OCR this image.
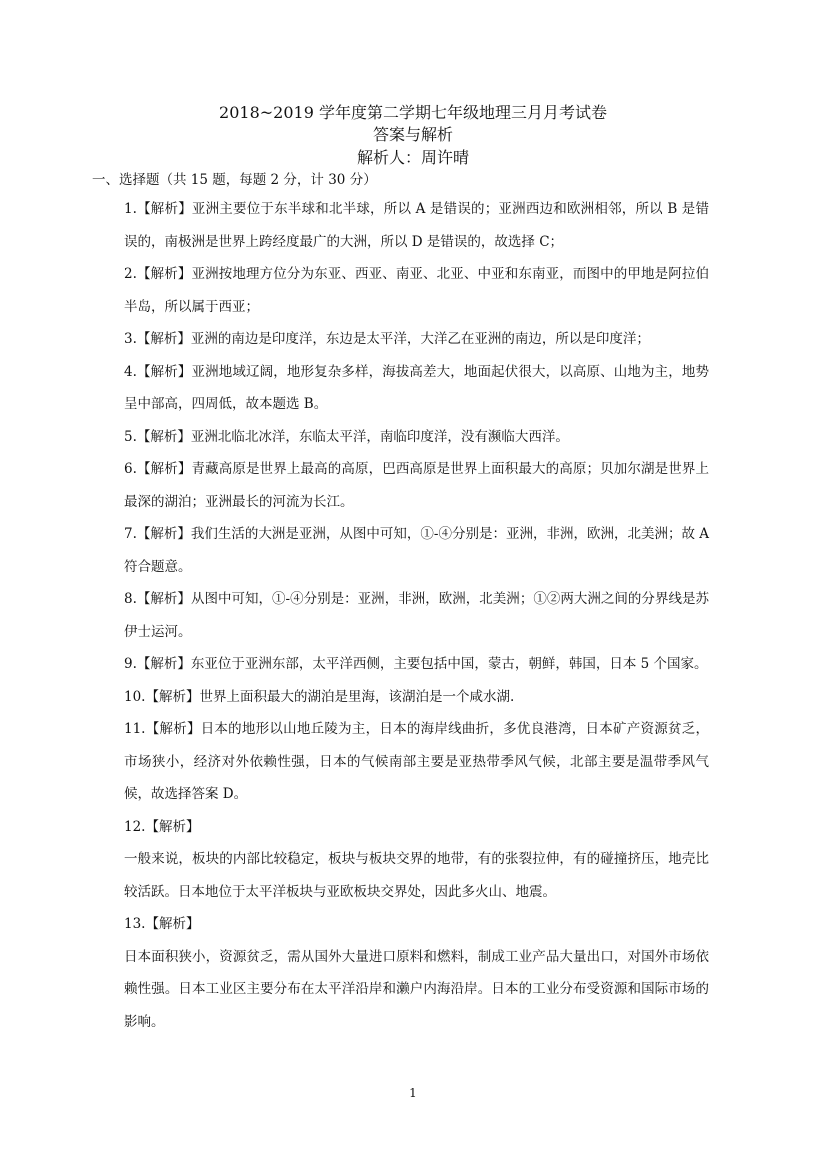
2018~2019 学年度第二学期七年级地理三月月考试卷
答案与解析
解析人：周许晴
一、选择题（共 15 题，每题 2 分，计 30 分）

1.【解析】亚洲主要位于东半球和北半球，所以 A 是错误的；亚洲西边和欧洲相邻，所以 B 是错误的，南极洲是世界上跨经度最广的大洲，所以 D 是错误的，故选择 C；

2.【解析】亚洲按地理方位分为东亚、西亚、南亚、北亚、中亚和东南亚，而图中的甲地是阿拉伯半岛，所以属于西亚；

3.【解析】亚洲的南边是印度洋，东边是太平洋，大洋乙在亚洲的南边，所以是印度洋；

4.【解析】亚洲地域辽阔，地形复杂多样，海拔高差大，地面起伏很大，以高原、山地为主，地势呈中部高，四周低，故本题选 B。

5.【解析】亚洲北临北冰洋，东临太平洋，南临印度洋，没有濒临大西洋。

6.【解析】青藏高原是世界上最高的高原，巴西高原是世界上面积最大的高原；贝加尔湖是世界上最深的湖泊；亚洲最长的河流为长江。

7.【解析】我们生活的大洲是亚洲，从图中可知，①-④分别是：亚洲，非洲，欧洲，北美洲；故 A 符合题意。

8.【解析】从图中可知，①-④分别是：亚洲，非洲，欧洲，北美洲；①②两大洲之间的分界线是苏伊士运河。

9.【解析】东亚位于亚洲东部，太平洋西侧，主要包括中国，蒙古，朝鲜，韩国，日本 5 个国家。

10.【解析】世界上面积最大的湖泊是里海，该湖泊是一个咸水湖.

11.【解析】日本的地形以山地丘陵为主，日本的海岸线曲折，多优良港湾，日本矿产资源贫乏，市场狭小，经济对外依赖性强，日本的气候南部主要是亚热带季风气候，北部主要是温带季风气候，故选择答案 D。

12.【解析】

一般来说，板块的内部比较稳定，板块与板块交界的地带，有的张裂拉伸，有的碰撞挤压，地壳比较活跃。日本地位于太平洋板块与亚欧板块交界处，因此多火山、地震。

13.【解析】

日本面积狭小，资源贫乏，需从国外大量进口原料和燃料，制成工业产品大量出口，对国外市场依赖性强。日本工业区主要分布在太平洋沿岸和濑户内海沿岸。日本的工业分布受资源和国际市场的影响。

1
